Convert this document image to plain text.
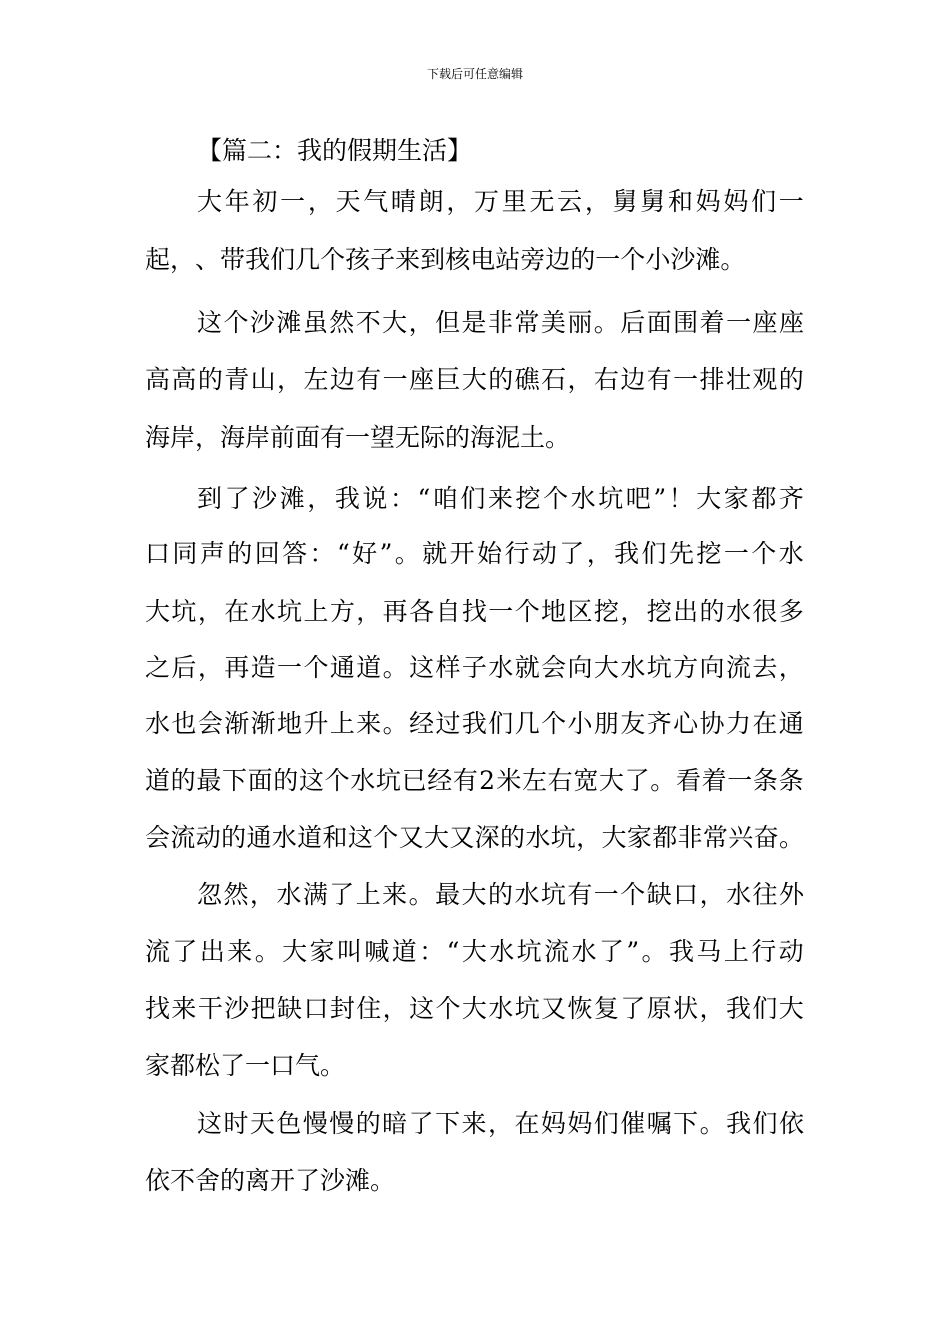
下载后可任意编辑
【篇二：我的假期生活】
大 年 初 一 ， 天 气 晴 朗 ， 万 里 无 云 ， 舅 舅 和 妈 妈 们 一
起 ， 、 带 我 们 几 个 孩 子 来 到 核 电 站 旁 边 的 一 个 小 沙 滩 。
这 个 沙 滩 虽 然 不 大 ， 但 是 非 常 美 丽 。 后 面 围 着 一 座 座
高 高 的 青 山 ， 左 边 有 一 座 巨 大 的 礁 石 ， 右 边 有 一 排 壮 观 的
海岸，海岸前面有一望无际的海泥土。
到 了 沙 滩 ， 我 说 ： “ 咱 们 来 挖 个 水 坑 吧 ” ！ 大 家 都 齐
口 同 声 的 回 答 ： “ 好 ” 。 就 开 始 行 动 了 ， 我 们 先 挖 一 个 水
大 坑 ， 在 水 坑 上 方 ， 再 各 自 找 一 个 地 区 挖 ， 挖 出 的 水 很 多
之 后 ， 再 造 一 个 通 道 。 这 样 子 水 就 会 向 大 水 坑 方 向 流 去 ，
水 也 会 渐 渐 地 升 上 来 。 经 过 我 们 几 个 小 朋 友 齐 心 协 力 在 通
道 的 最 下 面 的 这 个 水 坑 已 经 有 2 米 左 右 宽 大 了 。 看 着 一 条 条
会 流 动 的 通 水 道 和 这 个 又 大 又 深 的 水 坑 ， 大 家 都 非 常 兴 奋 。
忽 然 ， 水 满 了 上 来 。 最 大 的 水 坑 有 一 个 缺 口 ， 水 往 外
流 了 出 来 。 大 家 叫 喊 道 ： “ 大 水 坑 流 水 了 ” 。 我 马 上 行 动
找 来 干 沙 把 缺 口 封 住 ， 这 个 大 水 坑 又 恢 复 了 原 状 ， 我 们 大
家都松了一口气。
这 时 天 色 慢 慢 的 暗 了 下 来 ， 在 妈 妈 们 催 嘱 下 。 我 们 依
依不舍的离开了沙滩。
